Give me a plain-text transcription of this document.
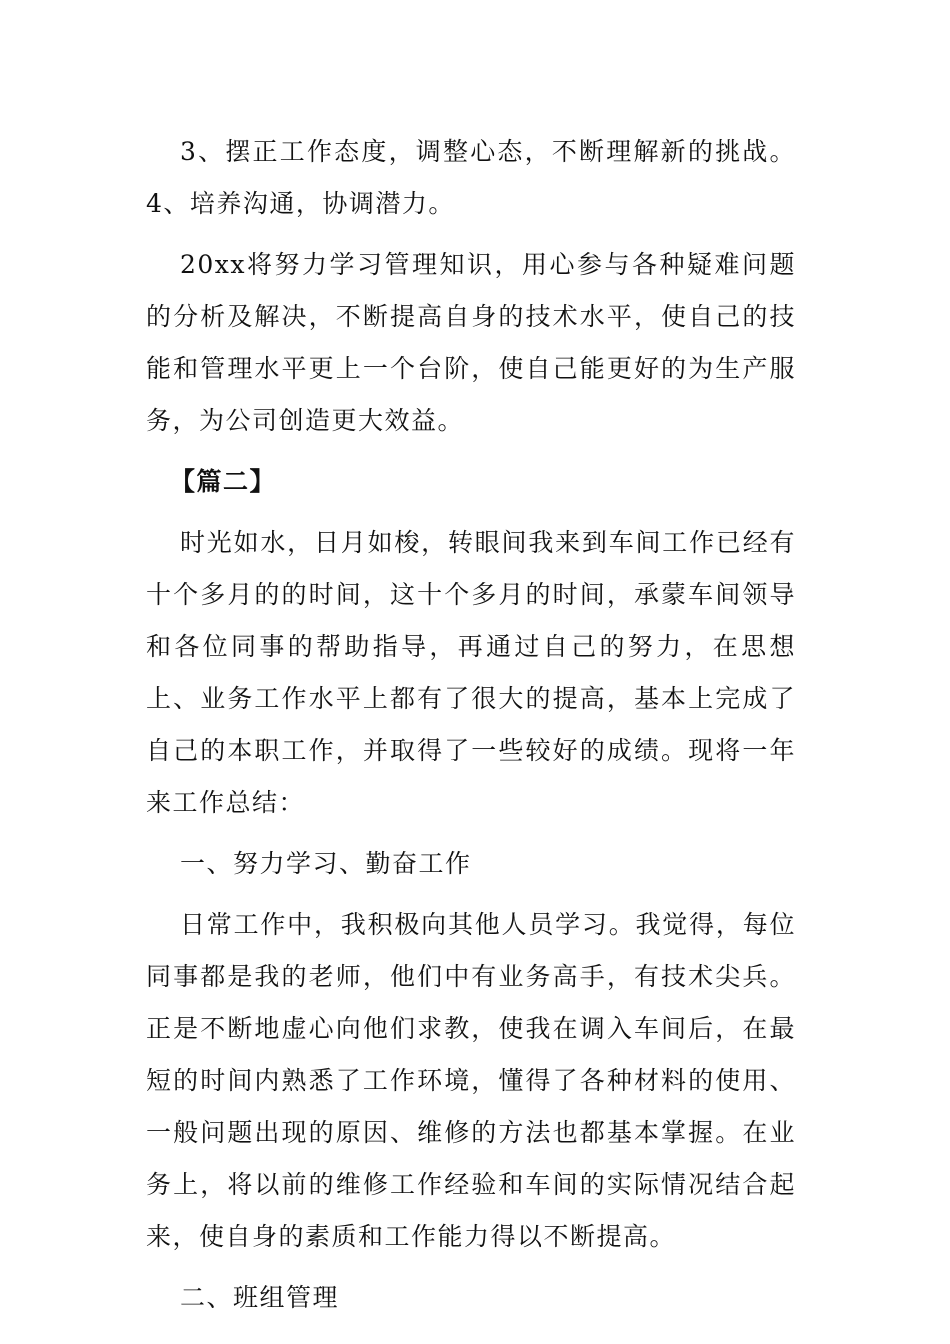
3、摆正工作态度，调整心态，不断理解新的挑战。4、培养沟通，协调潜力。

20xx将努力学习管理知识，用心参与各种疑难问题的分析及解决，不断提高自身的技术水平，使自己的技能和管理水平更上一个台阶，使自己能更好的为生产服务，为公司创造更大效益。

【篇二】

时光如水，日月如梭，转眼间我来到车间工作已经有十个多月的的时间，这十个多月的时间，承蒙车间领导和各位同事的帮助指导，再通过自己的努力，在思想上、业务工作水平上都有了很大的提高，基本上完成了自己的本职工作，并取得了一些较好的成绩。现将一年来工作总结：

一、努力学习、勤奋工作

日常工作中，我积极向其他人员学习。我觉得，每位同事都是我的老师，他们中有业务高手，有技术尖兵。正是不断地虚心向他们求教，使我在调入车间后，在最短的时间内熟悉了工作环境，懂得了各种材料的使用、一般问题出现的原因、维修的方法也都基本掌握。在业务上，将以前的维修工作经验和车间的实际情况结合起来，使自身的素质和工作能力得以不断提高。

二、班组管理
